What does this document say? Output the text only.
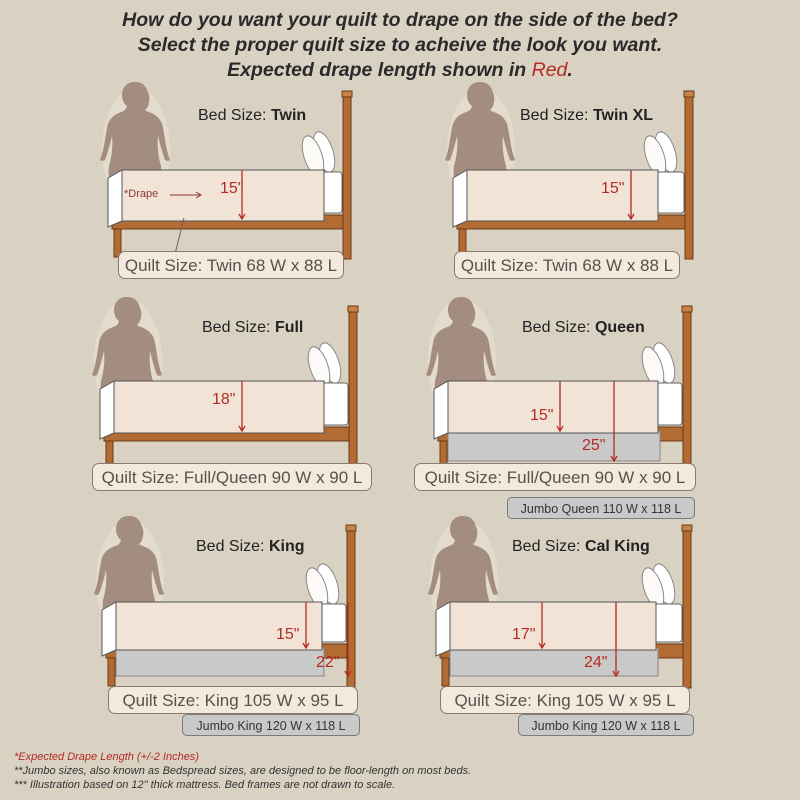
How do you want your quilt to drape on the side of the bed?
Select the proper quilt size to acheive the look you want.
Expected drape length shown in Red.
Bed Size: Twin
15"
*Drape
Quilt Size: Twin 68 W x 88 L
Bed Size: Twin XL
15"
Quilt Size: Twin 68 W x 88 L
Bed Size: Full
18"
Quilt Size: Full/Queen 90 W x 90 L
Bed Size: Queen
15"
25"
Quilt Size: Full/Queen 90 W x 90 L
Jumbo Queen 110 W x 118 L
Bed Size: King
15"
22"
Quilt Size: King 105 W x 95 L
Jumbo King 120 W x 118 L
Bed Size: Cal King
17"
24"
Quilt Size: King 105 W x 95 L
Jumbo King 120 W x 118 L
*Expected Drape Length (+/-2 Inches)
**Jumbo sizes, also known as Bedspread sizes, are designed to be floor-length on most beds.
*** Illustration based on 12" thick mattress. Bed frames are not drawn to scale.
